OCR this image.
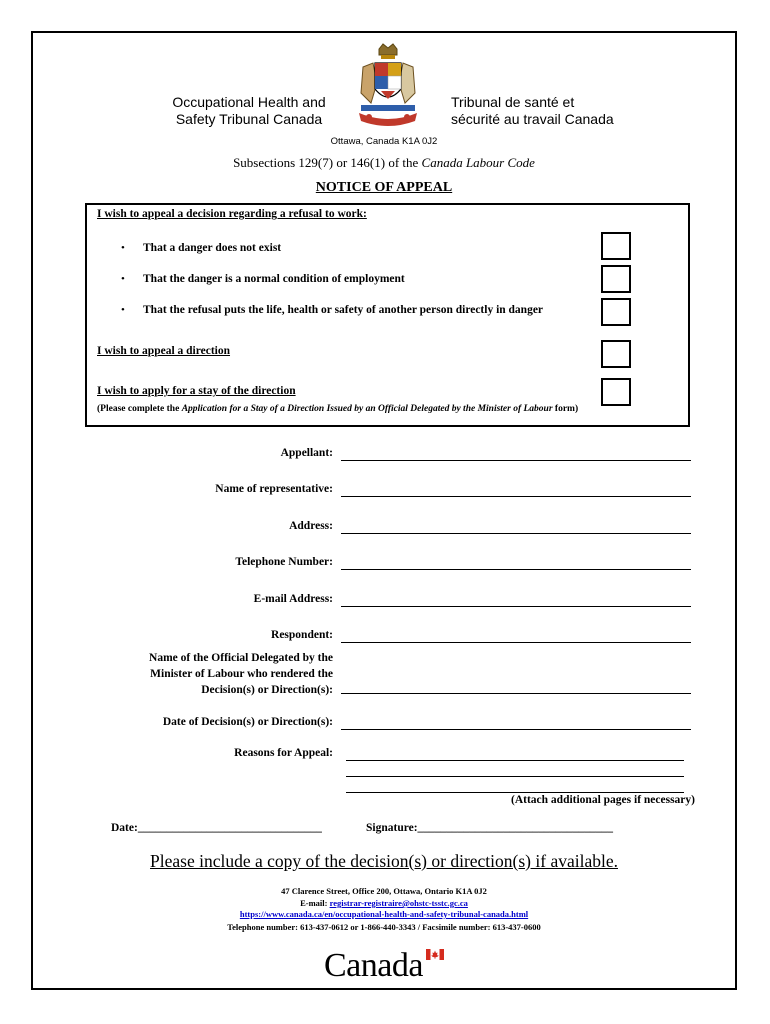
Occupational Health and
Safety Tribunal Canada
Tribunal de santé et
sécurité au travail Canada
Ottawa, Canada K1A 0J2
Subsections 129(7) or 146(1) of the Canada Labour Code
NOTICE OF APPEAL
I wish to appeal a decision regarding a refusal to work:
• That a danger does not exist
• That the danger is a normal condition of employment
• That the refusal puts the life, health or safety of another person directly in danger
I wish to appeal a direction
I wish to apply for a stay of the direction
(Please complete the Application for a Stay of a Direction Issued by an Official Delegated by the Minister of Labour form)
Appellant:
Name of representative:
Address:
Telephone Number:
E-mail Address:
Respondent:
Name of the Official Delegated by the
Minister of Labour who rendered the
Decision(s) or Direction(s):
Date of Decision(s) or Direction(s):
Reasons for Appeal:
(Attach additional pages if necessary)
Date:________________________________	Signature:__________________________________
Please include a copy of the decision(s) or direction(s) if available.
47 Clarence Street, Office 200, Ottawa, Ontario K1A 0J2
E-mail: registrar-registraire@ohstc-tsstc.gc.ca
https://www.canada.ca/en/occupational-health-and-safety-tribunal-canada.html
Telephone number: 613-437-0612 or 1-866-440-3343 / Facsimile number: 613-437-0600
Canada
